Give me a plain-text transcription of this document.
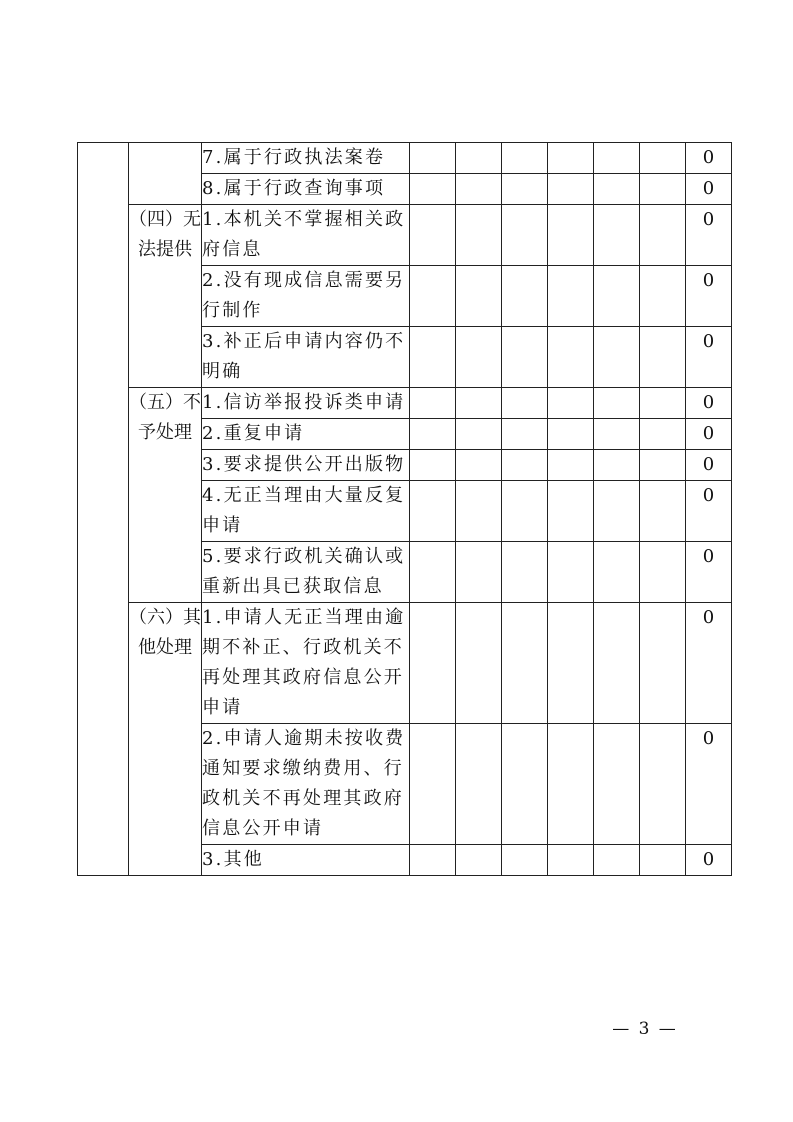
		7.属于行政执法案卷							0
		8.属于行政查询事项							0
	（四）无法提供	1.本机关不掌握相关政府信息							0
		2.没有现成信息需要另行制作							0
		3.补正后申请内容仍不明确							0
	（五）不予处理	1.信访举报投诉类申请							0
		2.重复申请							0
		3.要求提供公开出版物							0
		4.无正当理由大量反复申请							0
		5.要求行政机关确认或重新出具已获取信息							0
	（六）其他处理	1.申请人无正当理由逾期不补正、行政机关不再处理其政府信息公开申请							0
		2.申请人逾期未按收费通知要求缴纳费用、行政机关不再处理其政府信息公开申请							0
		3.其他							0
— 3 —
